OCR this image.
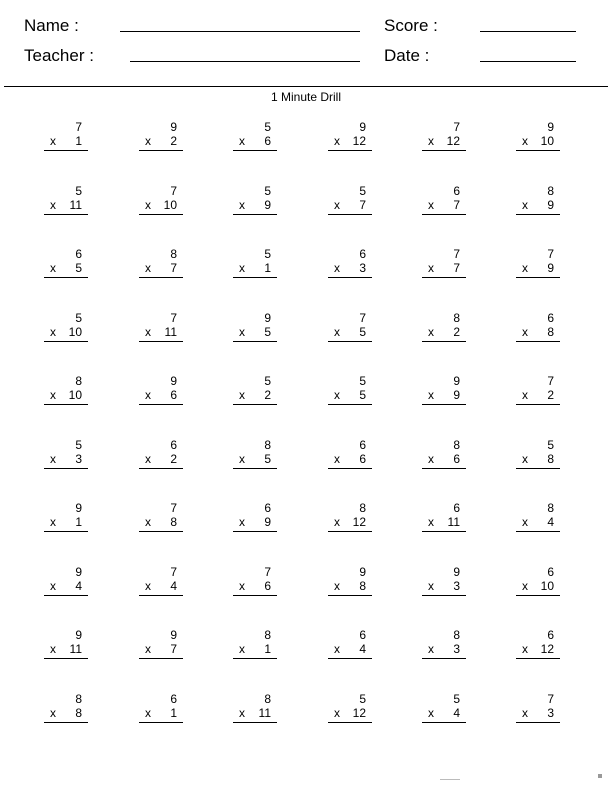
Name :	Score :
Teacher :	Date :
1 Minute Drill
7
x 1
9
x 2
5
x 6
9
x 12
7
x 12
9
x 10
5
x 11
7
x 10
5
x 9
5
x 7
6
x 7
8
x 9
6
x 5
8
x 7
5
x 1
6
x 3
7
x 7
7
x 9
5
x 10
7
x 11
9
x 5
7
x 5
8
x 2
6
x 8
8
x 10
9
x 6
5
x 2
5
x 5
9
x 9
7
x 2
5
x 3
6
x 2
8
x 5
6
x 6
8
x 6
5
x 8
9
x 1
7
x 8
6
x 9
8
x 12
6
x 11
8
x 4
9
x 4
7
x 4
7
x 6
9
x 8
9
x 3
6
x 10
9
x 11
9
x 7
8
x 1
6
x 4
8
x 3
6
x 12
8
x 8
6
x 1
8
x 11
5
x 12
5
x 4
7
x 3
